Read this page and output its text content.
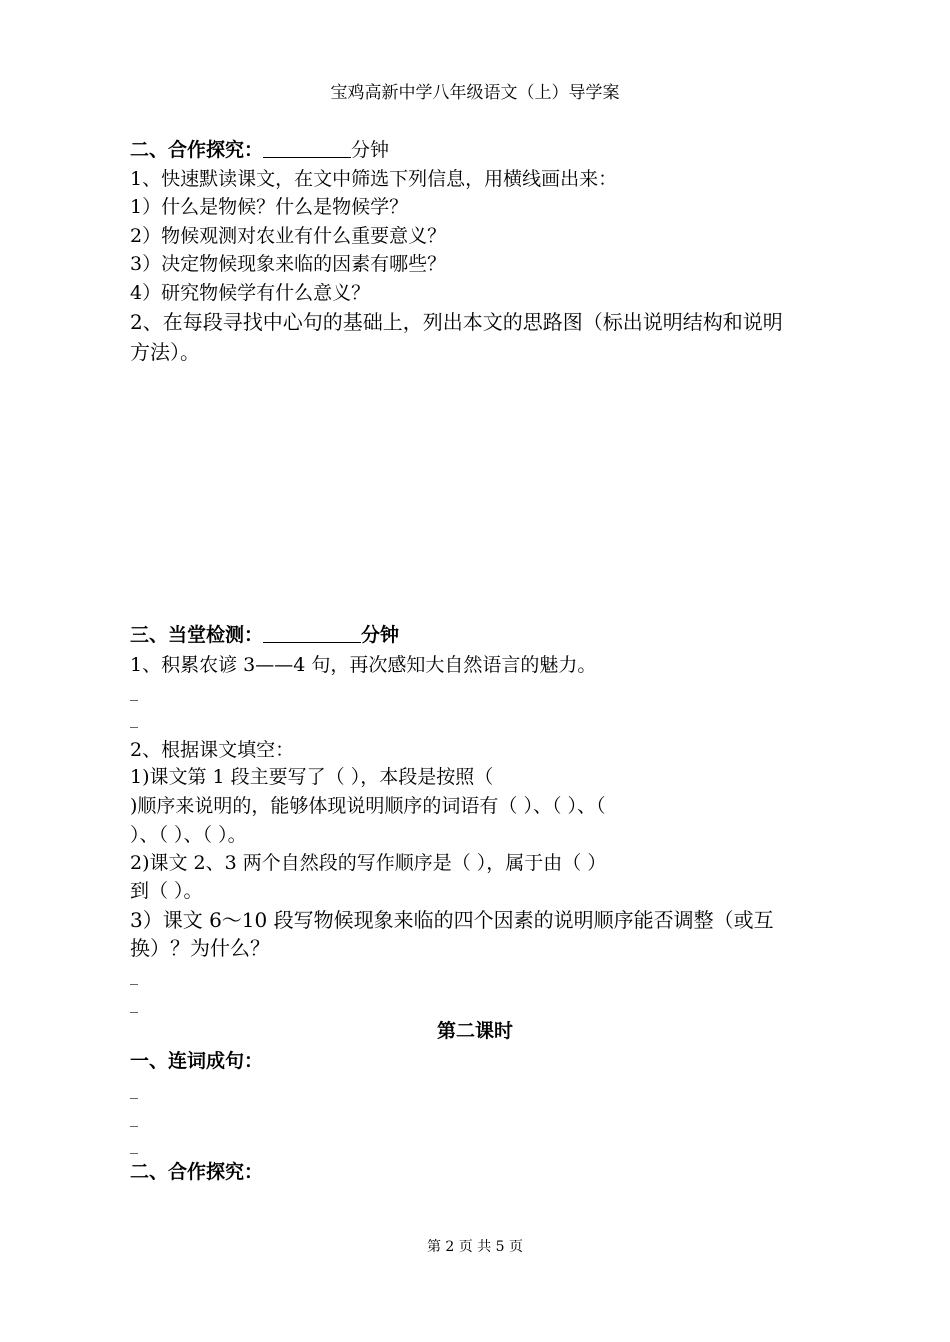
宝鸡高新中学八年级语文（上）导学案
二、合作探究：	分钟
1、快速默读课文，在文中筛选下列信息，用横线画出来：
1）什么是物候？什么是物候学？
2）物候观测对农业有什么重要意义？
3）决定物候现象来临的因素有哪些？
4）研究物候学有什么意义？
2、在每段寻找中心句的基础上，列出本文的思路图（标出说明结构和说明
方法）。
三、当堂检测：	分钟
1、积累农谚 3——4 句，再次感知大自然语言的魅力。
_
_
2、根据课文填空：
1)课文第 1 段主要写了（ ），本段是按照（
)顺序来说明的，能够体现说明顺序的词语有（ ）、（ ）、（
）、（ ）、（ ）。
2)课文 2、3 两个自然段的写作顺序是（ ），属于由（ ）
到（ ）。
3）课文 6～10 段写物候现象来临的四个因素的说明顺序能否调整（或互
换）？为什么？
_
_
第二课时
一、连词成句：
_
_
_
二、合作探究：
第 2 页 共 5 页
